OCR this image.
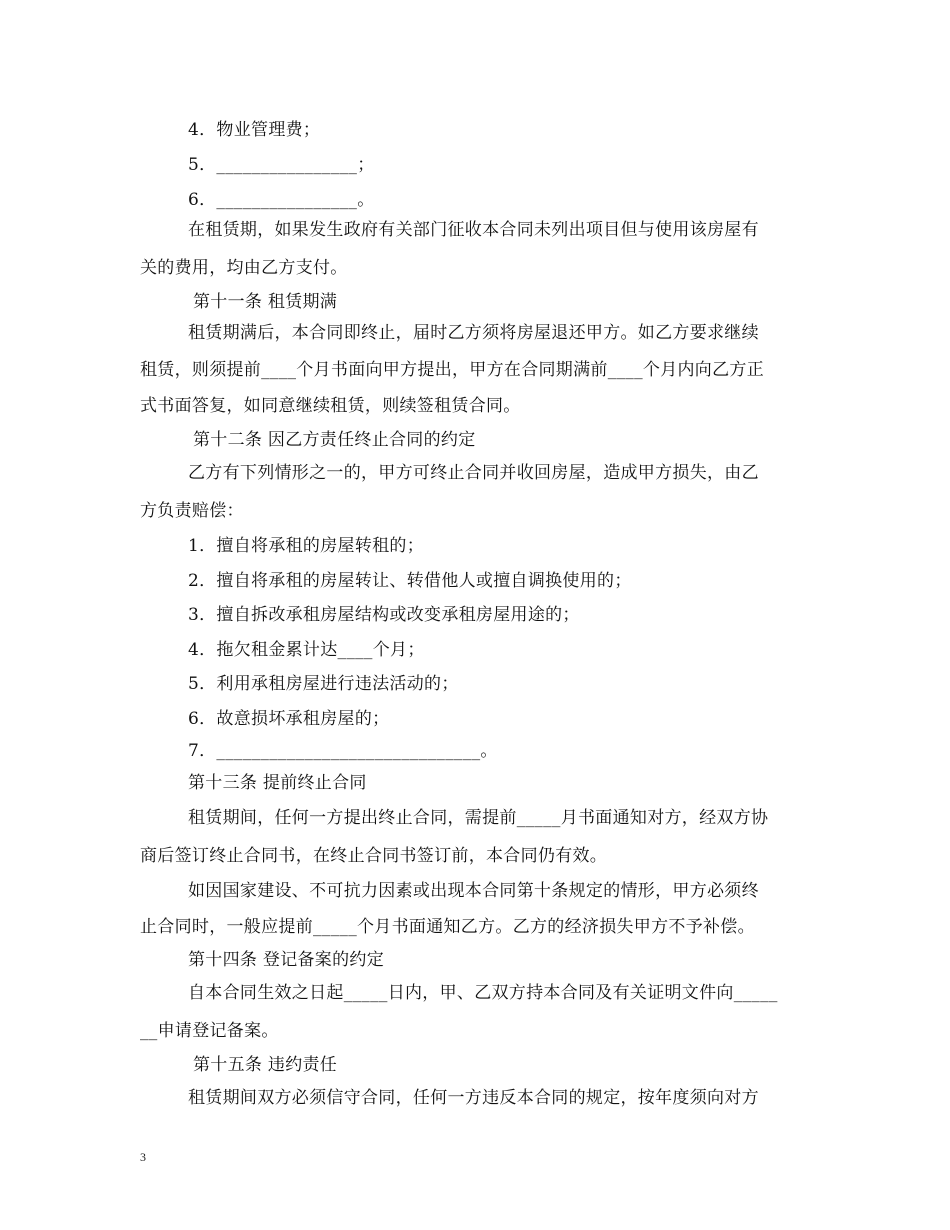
4．物业管理费；
5．________________；
6．________________。
在租赁期，如果发生政府有关部门征收本合同未列出项目但与使用该房屋有
关的费用，均由乙方支付。
第十一条 租赁期满
租赁期满后，本合同即终止，届时乙方须将房屋退还甲方。如乙方要求继续
租赁，则须提前____个月书面向甲方提出，甲方在合同期满前____个月内向乙方正
式书面答复，如同意继续租赁，则续签租赁合同。
第十二条 因乙方责任终止合同的约定
乙方有下列情形之一的，甲方可终止合同并收回房屋，造成甲方损失，由乙
方负责赔偿：
1．擅自将承租的房屋转租的；
2．擅自将承租的房屋转让、转借他人或擅自调换使用的；
3．擅自拆改承租房屋结构或改变承租房屋用途的；
4．拖欠租金累计达____个月；
5．利用承租房屋进行违法活动的；
6．故意损坏承租房屋的；
7．______________________________。
第十三条 提前终止合同
租赁期间，任何一方提出终止合同，需提前_____月书面通知对方，经双方协
商后签订终止合同书，在终止合同书签订前，本合同仍有效。
如因国家建设、不可抗力因素或出现本合同第十条规定的情形，甲方必须终
止合同时，一般应提前_____个月书面通知乙方。乙方的经济损失甲方不予补偿。
第十四条 登记备案的约定
自本合同生效之日起_____日内，甲、乙双方持本合同及有关证明文件向_____
__申请登记备案。
第十五条 违约责任
租赁期间双方必须信守合同，任何一方违反本合同的规定，按年度须向对方
3
